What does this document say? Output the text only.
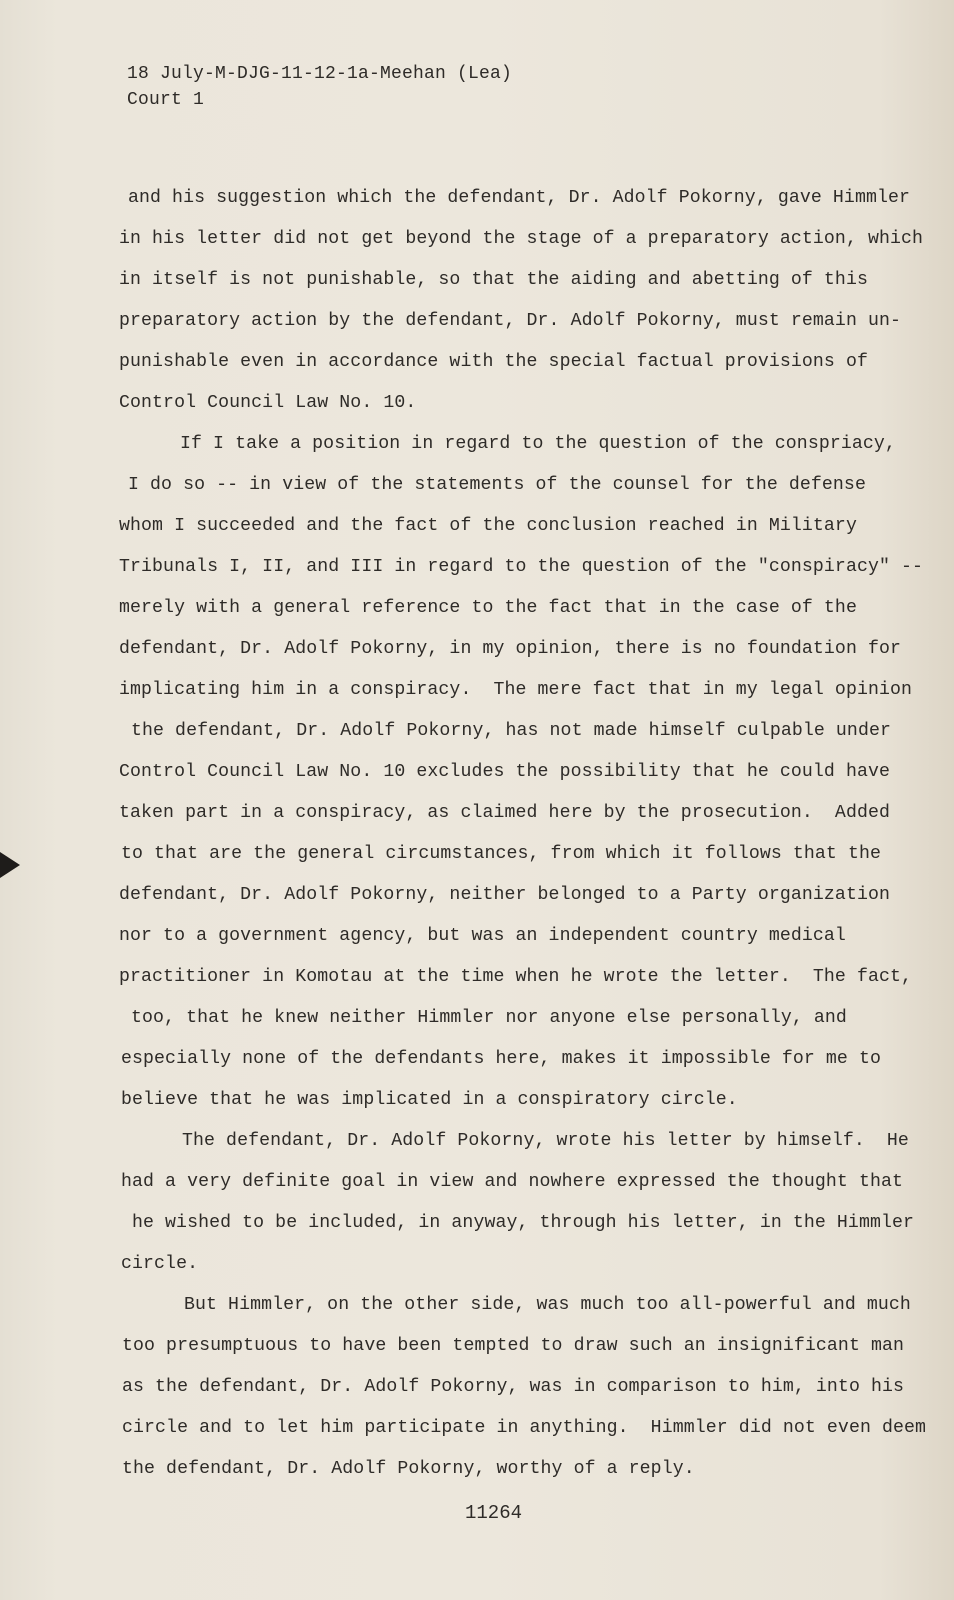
18 July-M-DJG-11-12-1a-Meehan (Lea)
Court 1
and his suggestion which the defendant, Dr. Adolf Pokorny, gave Himmler
in his letter did not get beyond the stage of a preparatory action, which
in itself is not punishable, so that the aiding and abetting of this
preparatory action by the defendant, Dr. Adolf Pokorny, must remain un-
punishable even in accordance with the special factual provisions of
Control Council Law No. 10.
If I take a position in regard to the question of the conspriacy,
I do so -- in view of the statements of the counsel for the defense
whom I succeeded and the fact of the conclusion reached in Military
Tribunals I, II, and III in regard to the question of the "conspiracy" --
merely with a general reference to the fact that in the case of the
defendant, Dr. Adolf Pokorny, in my opinion, there is no foundation for
implicating him in a conspiracy.  The mere fact that in my legal opinion
the defendant, Dr. Adolf Pokorny, has not made himself culpable under
Control Council Law No. 10 excludes the possibility that he could have
taken part in a conspiracy, as claimed here by the prosecution.  Added
to that are the general circumstances, from which it follows that the
defendant, Dr. Adolf Pokorny, neither belonged to a Party organization
nor to a government agency, but was an independent country medical
practitioner in Komotau at the time when he wrote the letter.  The fact,
too, that he knew neither Himmler nor anyone else personally, and
especially none of the defendants here, makes it impossible for me to
believe that he was implicated in a conspiratory circle.
The defendant, Dr. Adolf Pokorny, wrote his letter by himself.  He
had a very definite goal in view and nowhere expressed the thought that
he wished to be included, in anyway, through his letter, in the Himmler
circle.
But Himmler, on the other side, was much too all-powerful and much
too presumptuous to have been tempted to draw such an insignificant man
as the defendant, Dr. Adolf Pokorny, was in comparison to him, into his
circle and to let him participate in anything.  Himmler did not even deem
the defendant, Dr. Adolf Pokorny, worthy of a reply.
11264
